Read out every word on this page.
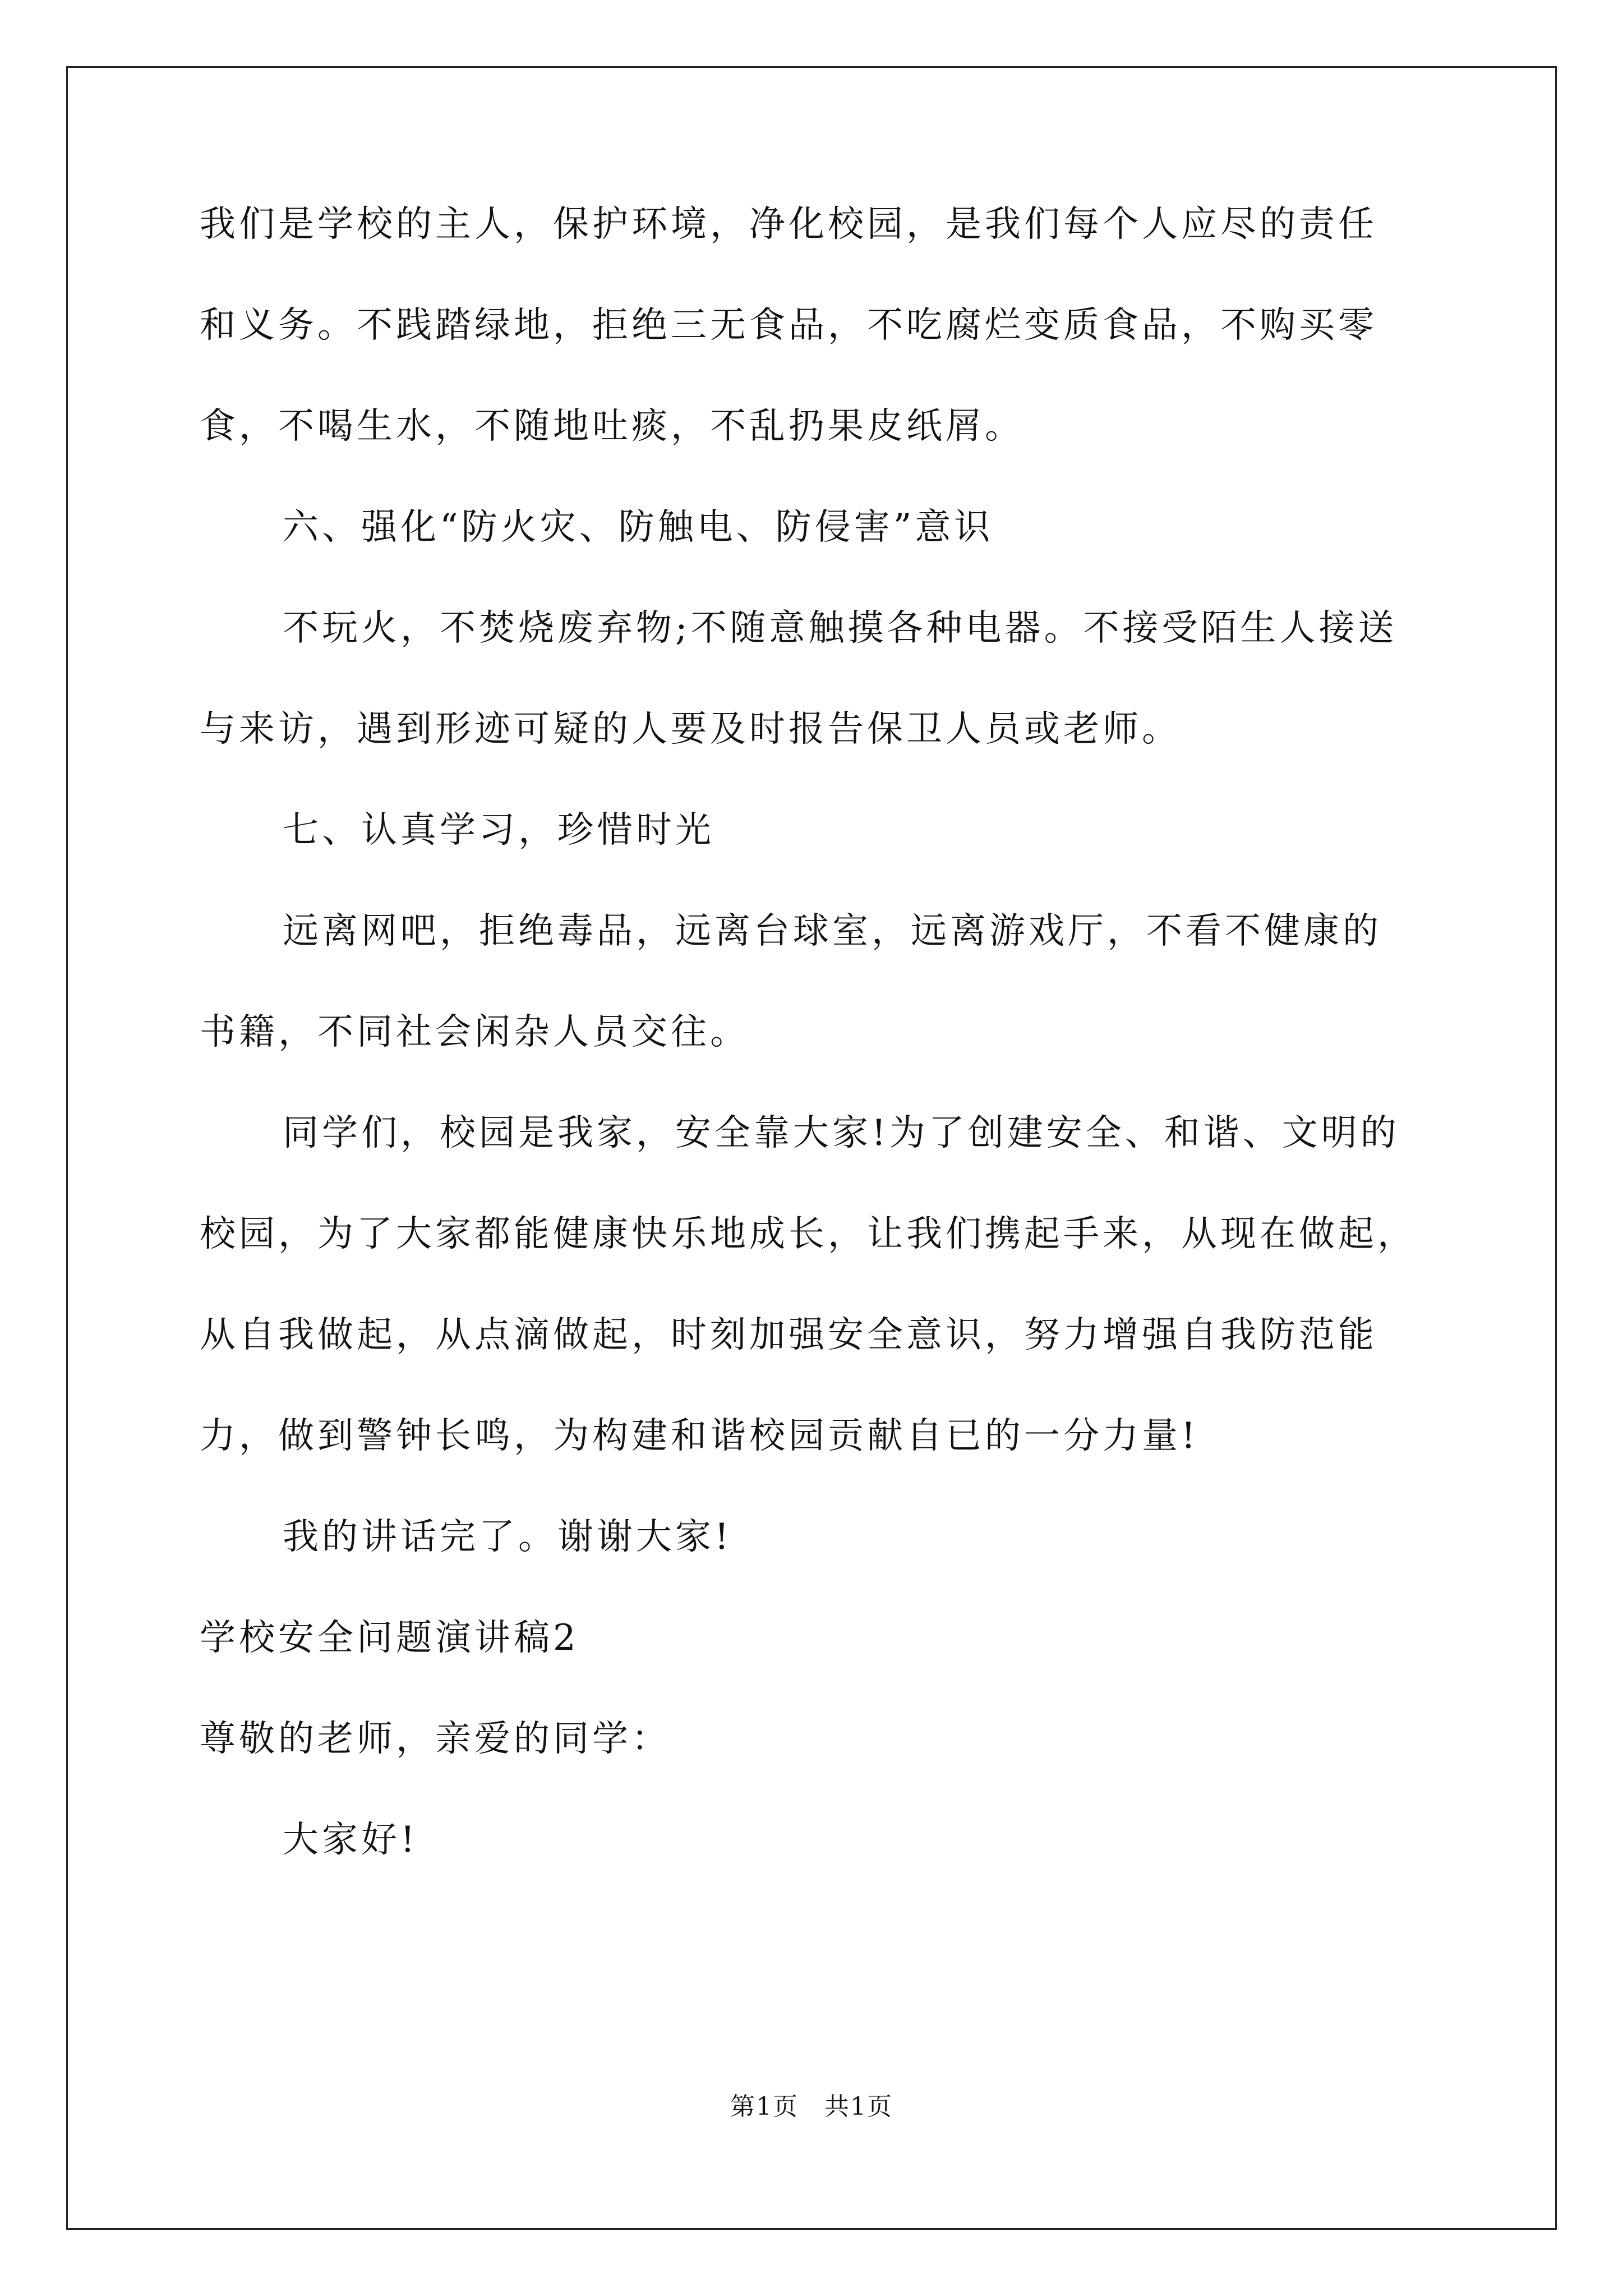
我们是学校的主人，保护环境，净化校园，是我们每个人应尽的责任
和义务。不践踏绿地，拒绝三无食品，不吃腐烂变质食品，不购买零
食，不喝生水，不随地吐痰，不乱扔果皮纸屑。
六、强化“防火灾、防触电、防侵害”意识
不玩火，不焚烧废弃物;不随意触摸各种电器。不接受陌生人接送
与来访，遇到形迹可疑的人要及时报告保卫人员或老师。
七、认真学习，珍惜时光
远离网吧，拒绝毒品，远离台球室，远离游戏厅，不看不健康的
书籍，不同社会闲杂人员交往。
同学们，校园是我家，安全靠大家!为了创建安全、和谐、文明的
校园，为了大家都能健康快乐地成长，让我们携起手来，从现在做起，
从自我做起，从点滴做起，时刻加强安全意识，努力增强自我防范能
力，做到警钟长鸣，为构建和谐校园贡献自已的一分力量!
我的讲话完了。谢谢大家!
学校安全问题演讲稿2
尊敬的老师，亲爱的同学：
大家好!
第1页　共1页
